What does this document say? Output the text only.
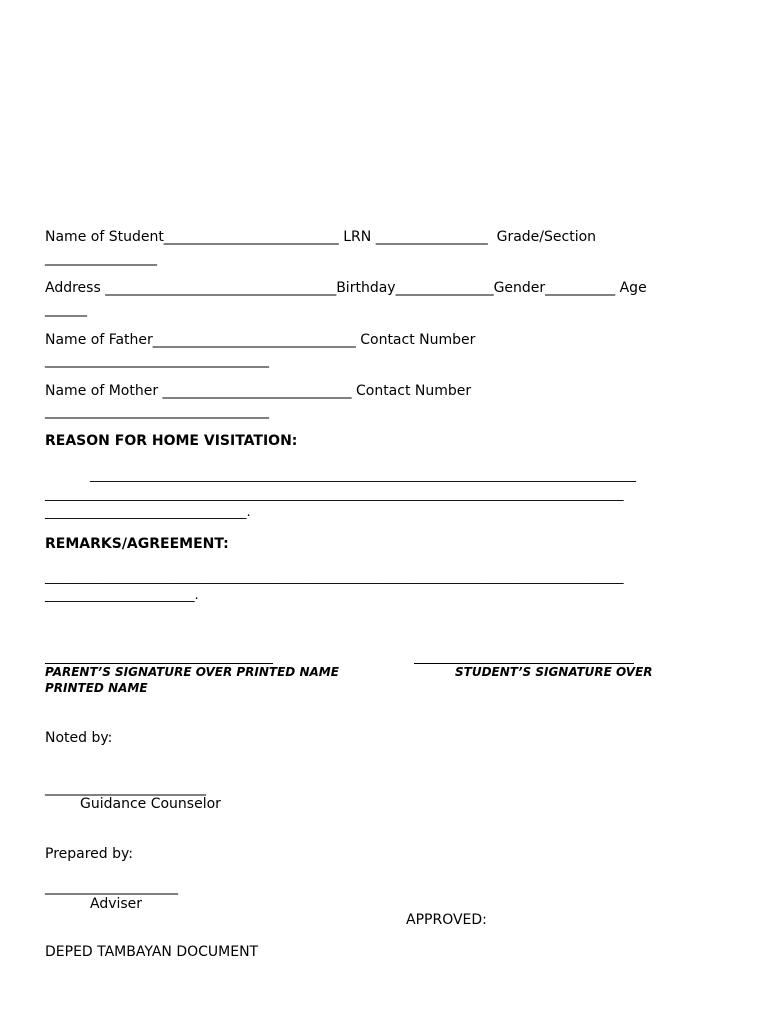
Name of Student_________________________ LRN ________________  Grade/Section
________________
Address _________________________________Birthday______________Gender__________ Age
______
Name of Father_____________________________ Contact Number
________________________________
Name of Mother ___________________________ Contact Number
________________________________
REASON FOR HOME VISITATION:
____________________________________________________________________________________
_________________________________________________________________________________________
_______________________________.
REMARKS/AGREEMENT:
_________________________________________________________________________________________
_______________________.
PARENT’S SIGNATURE OVER PRINTED NAME	STUDENT’S SIGNATURE OVER
PRINTED NAME
Noted by:
_______________________
Guidance Counselor
Prepared by:
___________________
Adviser
APPROVED:
DEPED TAMBAYAN DOCUMENT
